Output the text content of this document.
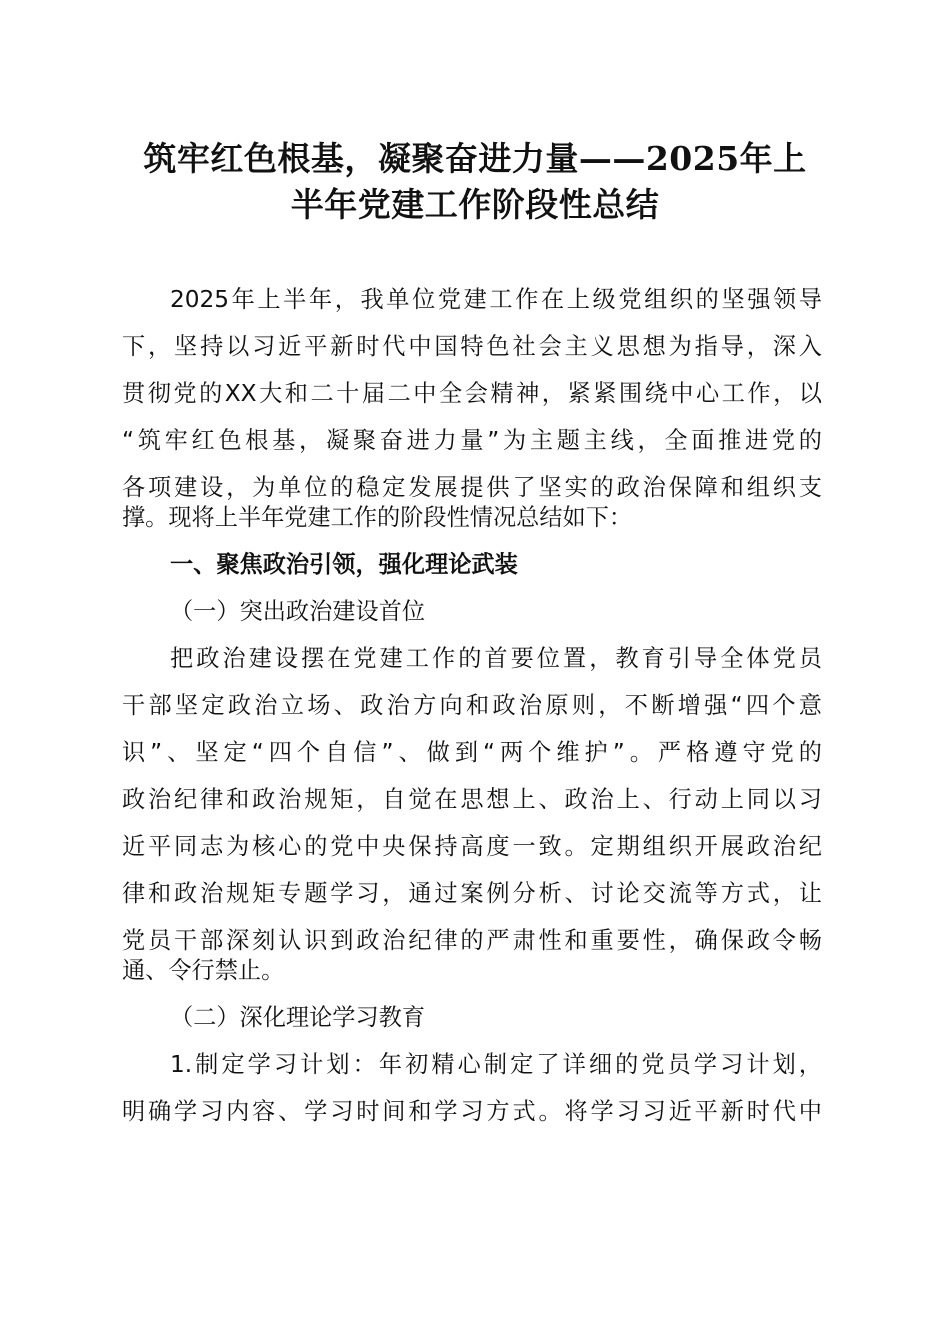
筑牢红色根基，凝聚奋进力量——2025年上
半年党建工作阶段性总结
2025年上半年，我单位党建工作在上级党组织的坚强领导
下，坚持以习近平新时代中国特色社会主义思想为指导，深入
贯彻党的XX大和二十届二中全会精神，紧紧围绕中心工作，以
“筑牢红色根基，凝聚奋进力量”为主题主线，全面推进党的
各项建设，为单位的稳定发展提供了坚实的政治保障和组织支
撑。现将上半年党建工作的阶段性情况总结如下：
一、聚焦政治引领，强化理论武装
（一）突出政治建设首位
把政治建设摆在党建工作的首要位置，教育引导全体党员
干部坚定政治立场、政治方向和政治原则，不断增强“四个意
识”、坚定“四个自信”、做到“两个维护”。严格遵守党的
政治纪律和政治规矩，自觉在思想上、政治上、行动上同以习
近平同志为核心的党中央保持高度一致。定期组织开展政治纪
律和政治规矩专题学习，通过案例分析、讨论交流等方式，让
党员干部深刻认识到政治纪律的严肃性和重要性，确保政令畅
通、令行禁止。
（二）深化理论学习教育
1.制定学习计划：年初精心制定了详细的党员学习计划，
明确学习内容、学习时间和学习方式。将学习习近平新时代中
